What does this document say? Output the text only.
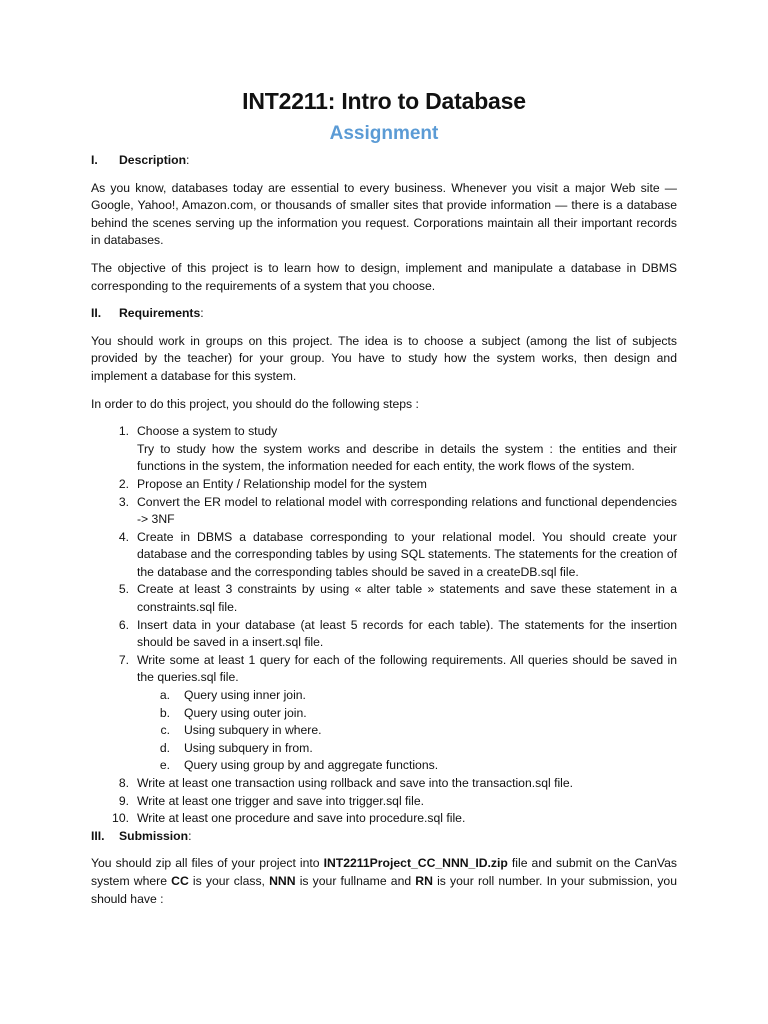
INT2211: Intro to Database
Assignment
I.	Description :

As you know, databases today are essential to every business. Whenever you visit a major Web site — Google, Yahoo!, Amazon.com, or thousands of smaller sites that provide information — there is a database behind the scenes serving up the information you request. Corporations maintain all their important records in databases.

The objective of this project is to learn how to design, implement and manipulate a database in DBMS corresponding to the requirements of a system that you choose.

II.	Requirements :

You should work in groups on this project. The idea is to choose a subject (among the list of subjects provided by the teacher) for your group. You have to study how the system works, then design and implement a database for this system.

In order to do this project, you should do the following steps :

1. Choose a system to study
Try to study how the system works and describe in details the system : the entities and their functions in the system, the information needed for each entity, the work flows of the system.
2. Propose an Entity / Relationship model for the system
3. Convert the ER model to relational model with corresponding relations and functional dependencies -> 3NF
4. Create in DBMS a database corresponding to your relational model. You should create your database and the corresponding tables by using SQL statements. The statements for the creation of the database and the corresponding tables should be saved in a createDB.sql file.
5. Create at least 3 constraints by using « alter table » statements and save these statement in a constraints.sql file.
6. Insert data in your database (at least 5 records for each table). The statements for the insertion should be saved in a insert.sql file.
7. Write some at least 1 query for each of the following requirements. All queries should be saved in the queries.sql file.
a.	Query using inner join.
b.	Query using outer join.
c.	Using subquery in where.
d.	Using subquery in from.
e.	Query using group by and aggregate functions.
8. Write at least one transaction using rollback and save into the transaction.sql file.
9. Write at least one trigger and save into trigger.sql file.
10. Write at least one procedure and save into procedure.sql file.
III.	Submission :

You should zip all files of your project into INT2211Project_CC_NNN_ID.zip file and submit on the CanVas system where CC is your class, NNN is your fullname and RN is your roll number. In your submission, you should have :
